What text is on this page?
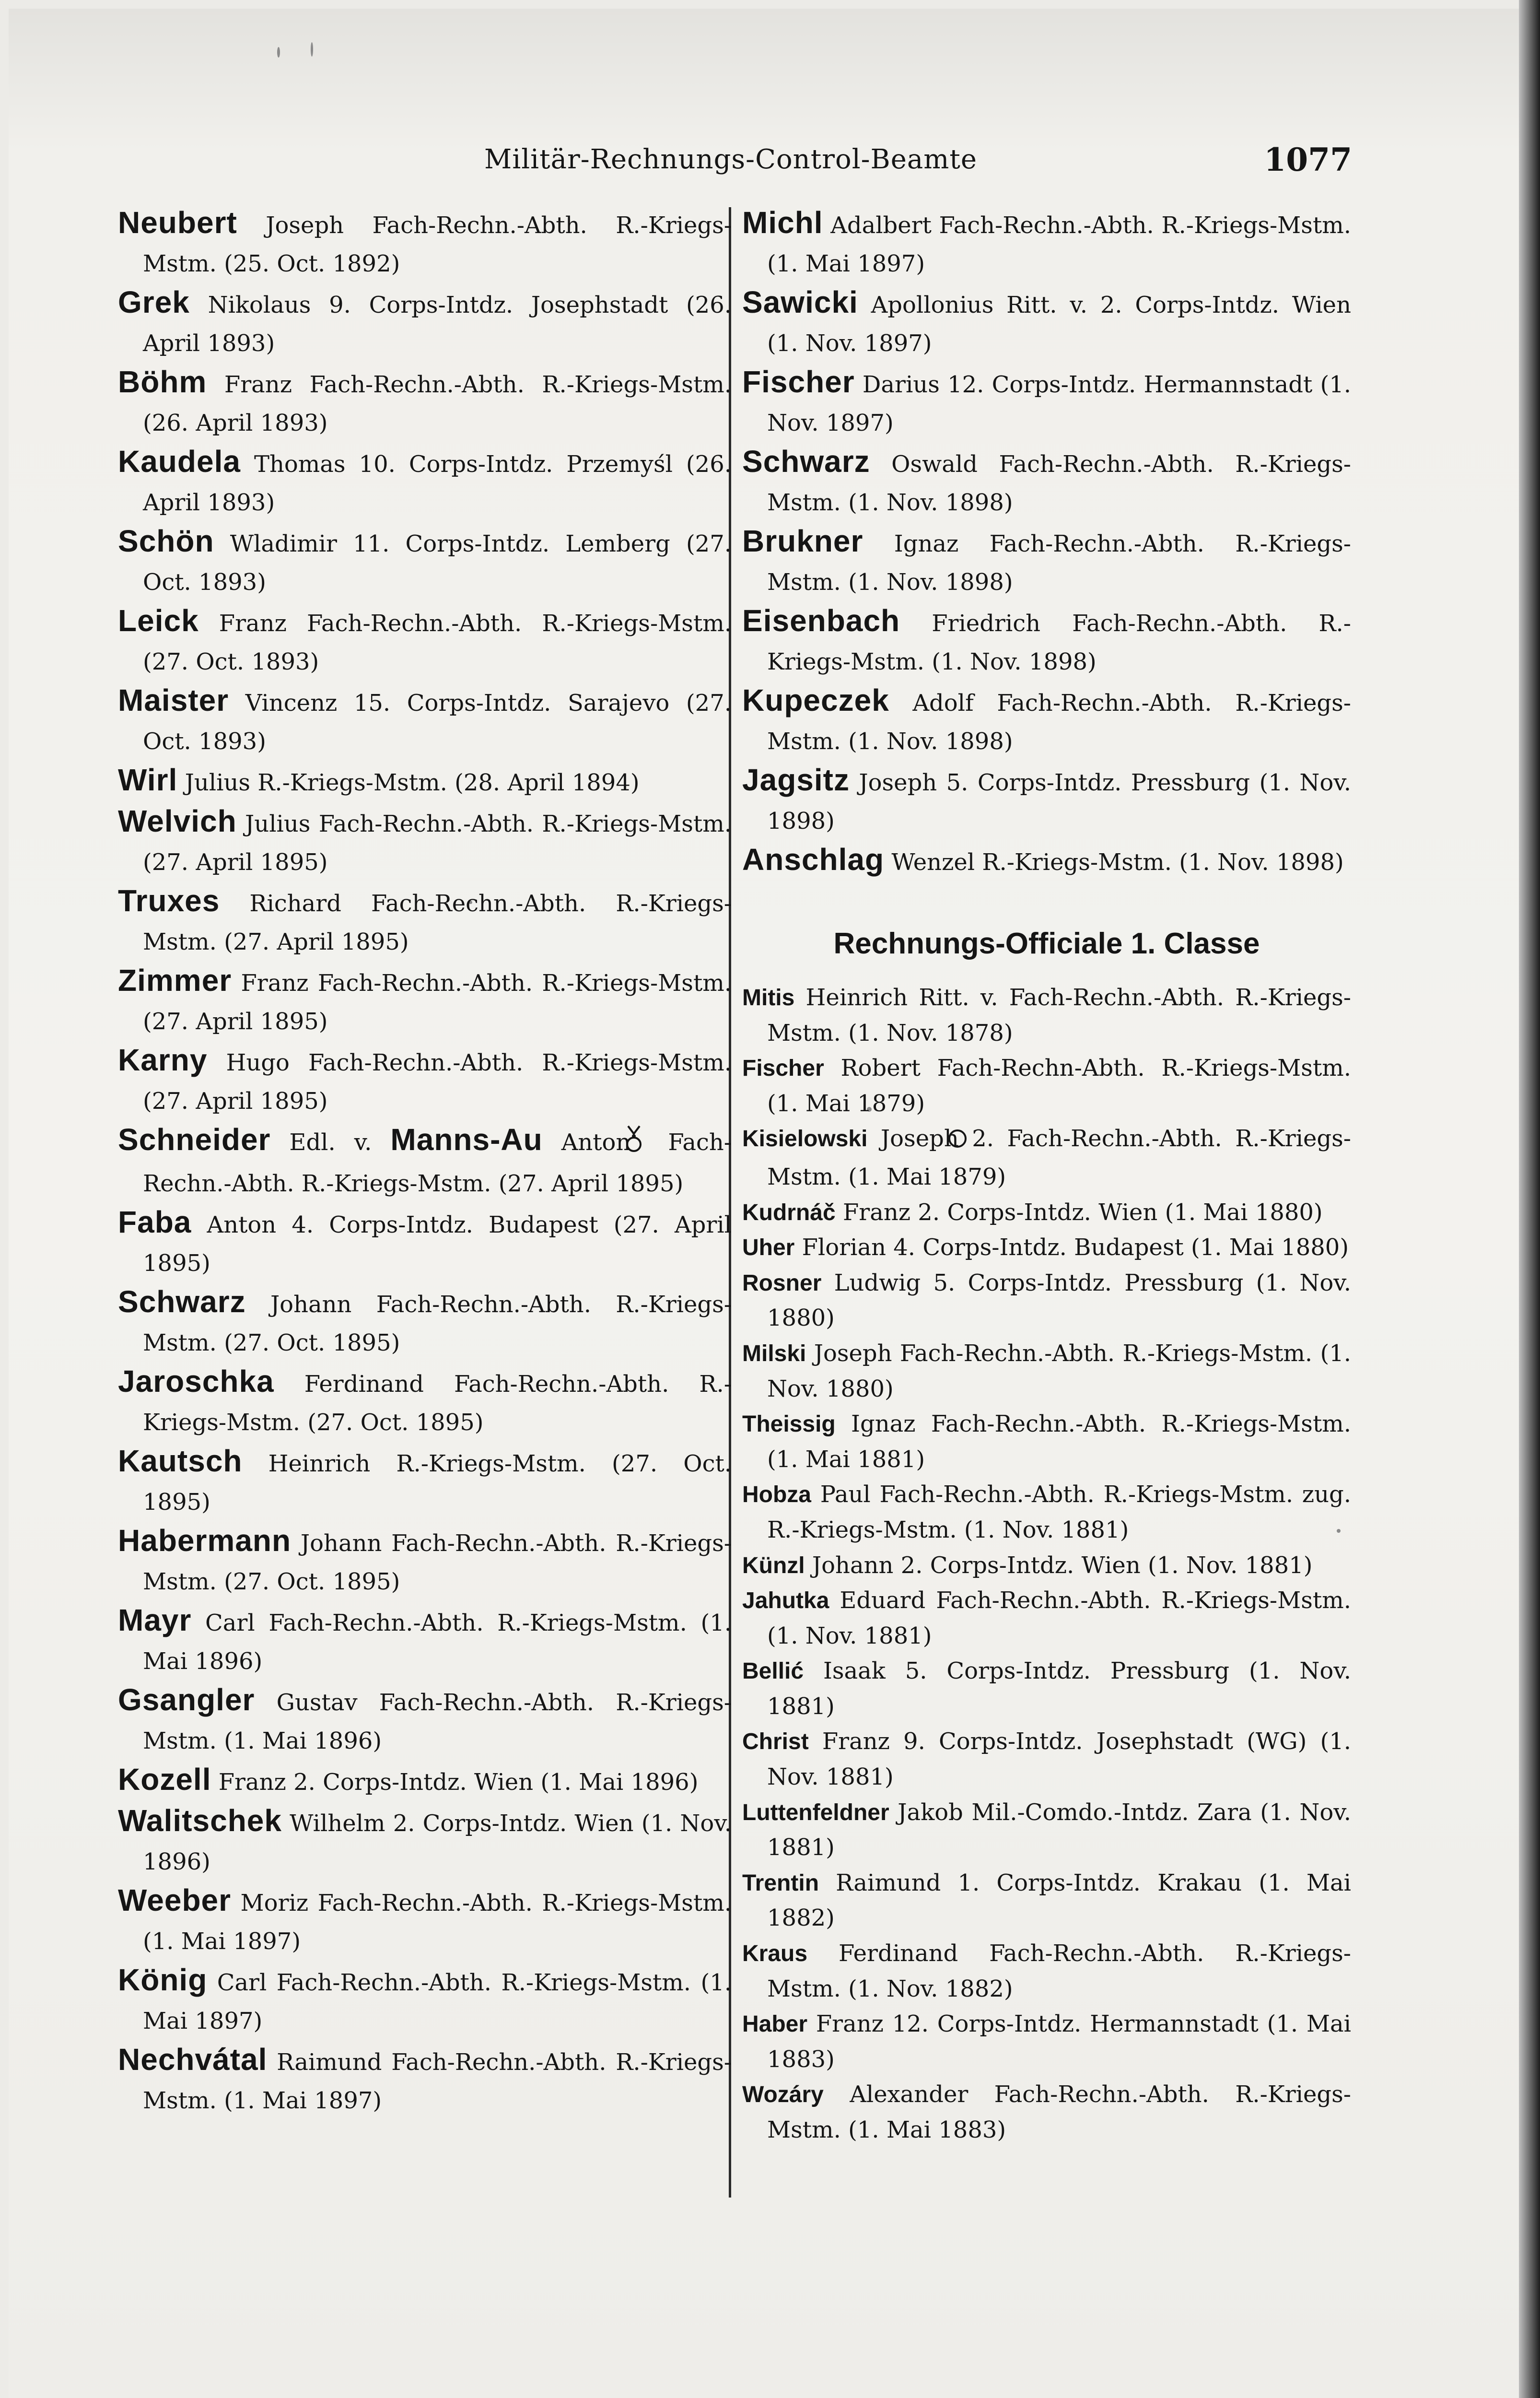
Militär-Rechnungs-Control-Beamte	1077

Neubert Joseph Fach-Rechn.-Abth. R.-Kriegs-Mstm. (25. Oct. 1892)

Grek Nikolaus 9. Corps-Intdz. Josephstadt (26. April 1893)

Böhm Franz Fach-Rechn.-Abth. R.-Kriegs-Mstm. (26. April 1893)

Kaudela Thomas 10. Corps-Intdz. Przemyśl (26. April 1893)

Schön Wladimir 11. Corps-Intdz. Lemberg (27. Oct. 1893)

Leick Franz Fach-Rechn.-Abth. R.-Kriegs-Mstm. (27. Oct. 1893)

Maister Vincenz 15. Corps-Intdz. Sarajevo (27. Oct. 1893)

Wirl Julius R.-Kriegs-Mstm. (28. April 1894)

Welvich Julius Fach-Rechn.-Abth. R.-Kriegs-Mstm. (27. April 1895)

Truxes Richard Fach-Rechn.-Abth. R.-Kriegs-Mstm. (27. April 1895)

Zimmer Franz Fach-Rechn.-Abth. R.-Kriegs-Mstm. (27. April 1895)

Karny Hugo Fach-Rechn.-Abth. R.-Kriegs-Mstm. (27. April 1895)

Schneider Edl. v. Manns-Au Anton Fach-Rechn.-Abth. R.-Kriegs-Mstm. (27. April 1895)

Faba Anton 4. Corps-Intdz. Budapest (27. April 1895)

Schwarz Johann Fach-Rechn.-Abth. R.-Kriegs-Mstm. (27. Oct. 1895)

Jaroschka Ferdinand Fach-Rechn.-Abth. R.-Kriegs-Mstm. (27. Oct. 1895)

Kautsch Heinrich R.-Kriegs-Mstm. (27. Oct. 1895)

Habermann Johann Fach-Rechn.-Abth. R.-Kriegs-Mstm. (27. Oct. 1895)

Mayr Carl Fach-Rechn.-Abth. R.-Kriegs-Mstm. (1. Mai 1896)

Gsangler Gustav Fach-Rechn.-Abth. R.-Kriegs-Mstm. (1. Mai 1896)

Kozell Franz 2. Corps-Intdz. Wien (1. Mai 1896)

Walitschek Wilhelm 2. Corps-Intdz. Wien (1. Nov. 1896)

Weeber Moriz Fach-Rechn.-Abth. R.-Kriegs-Mstm. (1. Mai 1897)

König Carl Fach-Rechn.-Abth. R.-Kriegs-Mstm. (1. Mai 1897)

Nechvátal Raimund Fach-Rechn.-Abth. R.-Kriegs-Mstm. (1. Mai 1897)

Michl Adalbert Fach-Rechn.-Abth. R.-Kriegs-Mstm. (1. Mai 1897)

Sawicki Apollonius Ritt. v. 2. Corps-Intdz. Wien (1. Nov. 1897)

Fischer Darius 12. Corps-Intdz. Hermannstadt (1. Nov. 1897)

Schwarz Oswald Fach-Rechn.-Abth. R.-Kriegs-Mstm. (1. Nov. 1898)

Brukner Ignaz Fach-Rechn.-Abth. R.-Kriegs-Mstm. (1. Nov. 1898)

Eisenbach Friedrich Fach-Rechn.-Abth. R.-Kriegs-Mstm. (1. Nov. 1898)

Kupeczek Adolf Fach-Rechn.-Abth. R.-Kriegs-Mstm. (1. Nov. 1898)

Jagsitz Joseph 5. Corps-Intdz. Pressburg (1. Nov. 1898)

Anschlag Wenzel R.-Kriegs-Mstm. (1. Nov. 1898)

Rechnungs-Officiale 1. Classe

Mitis Heinrich Ritt. v. Fach-Rechn.-Abth. R.-Kriegs-Mstm. (1. Nov. 1878)

Fischer Robert Fach-Rechn-Abth. R.-Kriegs-Mstm. (1. Mai 1879)

Kisielowski Joseph 2. Fach-Rechn.-Abth. R.-Kriegs-Mstm. (1. Mai 1879)

Kudrnáč Franz 2. Corps-Intdz. Wien (1. Mai 1880)

Uher Florian 4. Corps-Intdz. Budapest (1. Mai 1880)

Rosner Ludwig 5. Corps-Intdz. Pressburg (1. Nov. 1880)

Milski Joseph Fach-Rechn.-Abth. R.-Kriegs-Mstm. (1. Nov. 1880)

Theissig Ignaz Fach-Rechn.-Abth. R.-Kriegs-Mstm. (1. Mai 1881)

Hobza Paul Fach-Rechn.-Abth. R.-Kriegs-Mstm. zug. R.-Kriegs-Mstm. (1. Nov. 1881)

Künzl Johann 2. Corps-Intdz. Wien (1. Nov. 1881)

Jahutka Eduard Fach-Rechn.-Abth. R.-Kriegs-Mstm. (1. Nov. 1881)

Bellić Isaak 5. Corps-Intdz. Pressburg (1. Nov. 1881)

Christ Franz 9. Corps-Intdz. Josephstadt (WG) (1. Nov. 1881)

Luttenfeldner Jakob Mil.-Comdo.-Intdz. Zara (1. Nov. 1881)

Trentin Raimund 1. Corps-Intdz. Krakau (1. Mai 1882)

Kraus Ferdinand Fach-Rechn.-Abth. R.-Kriegs-Mstm. (1. Nov. 1882)

Haber Franz 12. Corps-Intdz. Hermannstadt (1. Mai 1883)

Wozáry Alexander Fach-Rechn.-Abth. R.-Kriegs-Mstm. (1. Mai 1883)
